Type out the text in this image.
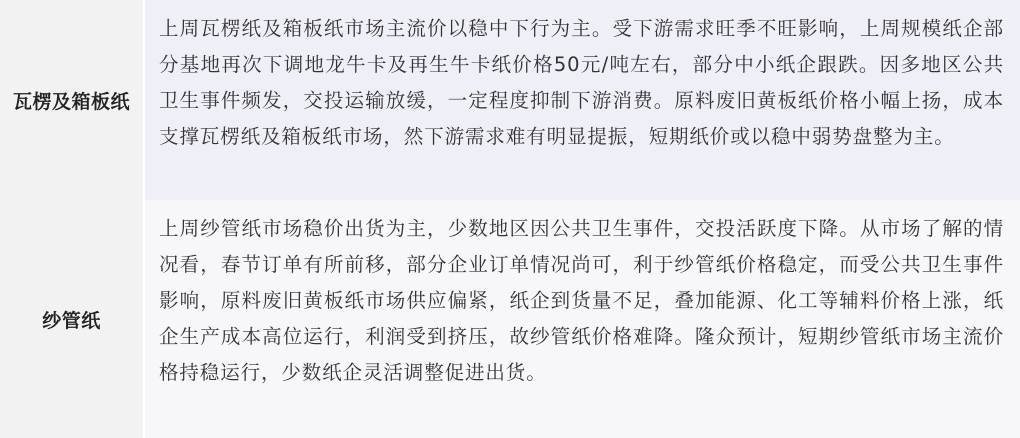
瓦楞及箱板纸

上周瓦楞纸及箱板纸市场主流价以稳中下行为主。受下游需求旺季不旺影响，上周规模纸企部分基地再次下调地龙牛卡及再生牛卡纸价格50元/吨左右，部分中小纸企跟跌。因多地区公共卫生事件频发，交投运输放缓，一定程度抑制下游消费。原料废旧黄板纸价格小幅上扬，成本支撑瓦楞纸及箱板纸市场，然下游需求难有明显提振，短期纸价或以稳中弱势盘整为主。

纱管纸

上周纱管纸市场稳价出货为主，少数地区因公共卫生事件，交投活跃度下降。从市场了解的情况看，春节订单有所前移，部分企业订单情况尚可，利于纱管纸价格稳定，而受公共卫生事件影响，原料废旧黄板纸市场供应偏紧，纸企到货量不足，叠加能源、化工等辅料价格上涨，纸企生产成本高位运行，利润受到挤压，故纱管纸价格难降。隆众预计，短期纱管纸市场主流价格持稳运行，少数纸企灵活调整促进出货。
